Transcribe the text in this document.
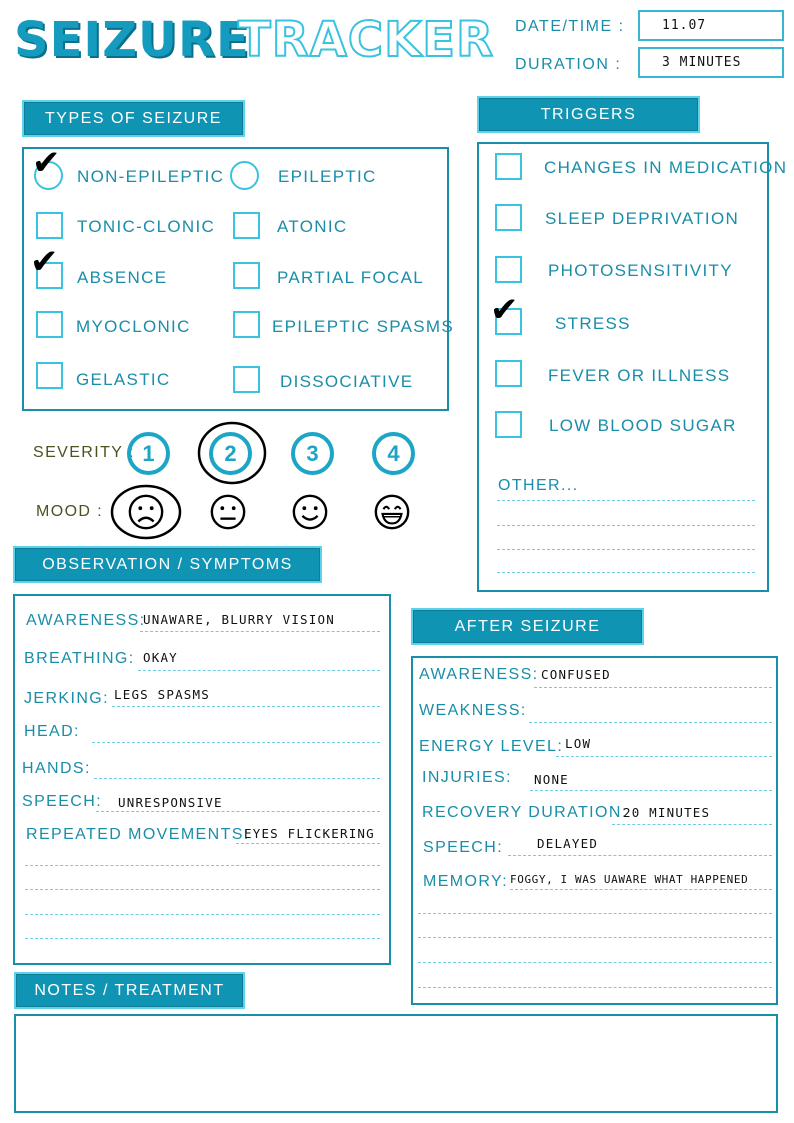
SEIZURE
TRACKER DATE/TIME :	11.07
DURATION :	3 MINUTES
TYPES OF SEIZURE
✔ NON-EPILEPTIC	EPILEPTIC
TONIC-CLONIC	ATONIC
✔ ABSENCE	PARTIAL FOCAL
MYOCLONIC	EPILEPTIC SPASMS
GELASTIC	DISSOCIATIVE
TRIGGERS
CHANGES IN MEDICATION
SLEEP DEPRIVATION
PHOTOSENSITIVITY
✔ STRESS
FEVER OR ILLNESS
LOW BLOOD SUGAR
OTHER...
SEVERITY : 1	2	3	4
MOOD :
OBSERVATION / SYMPTOMS
AWARENESS:
UNAWARE, BLURRY VISION
BREATHING: OKAY
JERKING: LEGS SPASMS
HEAD:
HANDS:
SPEECH: UNRESPONSIVE
REPEATED MOVEMENTS:
EYES FLICKERING
AFTER SEIZURE
AWARENESS: CONFUSED
WEAKNESS:
ENERGY LEVEL: LOW
INJURIES: NONE
RECOVERY DURATION:
20 MINUTES
SPEECH:	DELAYED
MEMORY: FOGGY, I WAS UAWARE WHAT HAPPENED
NOTES / TREATMENT
